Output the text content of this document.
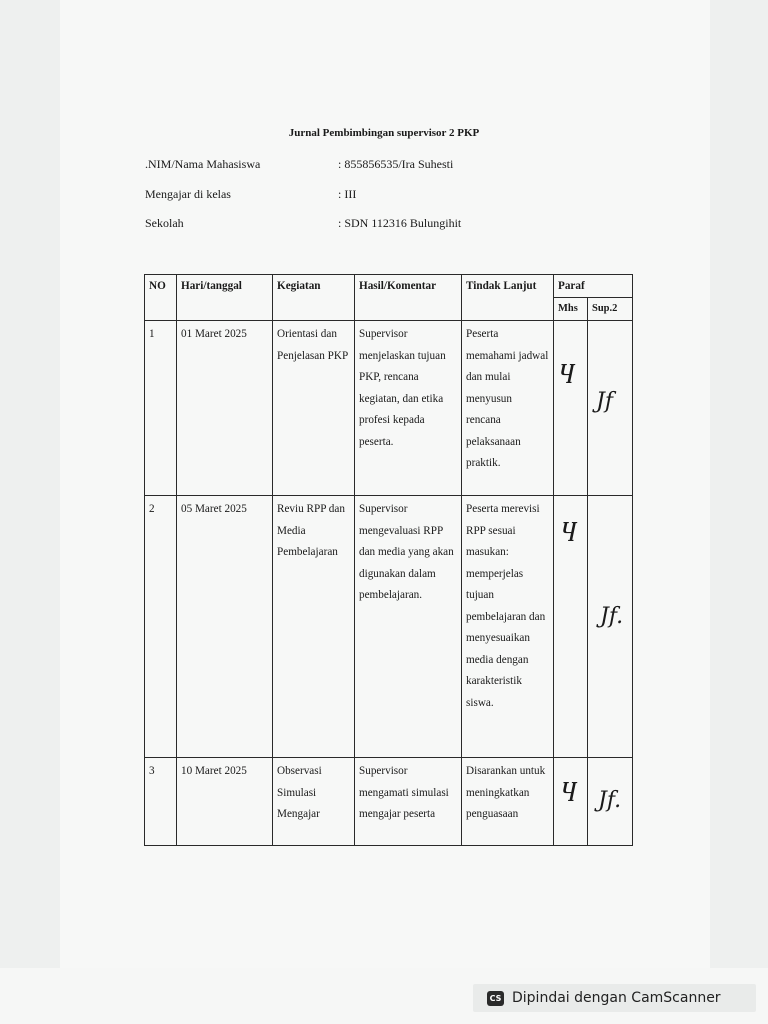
Jurnal Pembimbingan supervisor 2 PKP
.NIM/Nama Mahasiswa	: 855856535/Ira Suhesti
Mengajar di kelas	: III
Sekolah	: SDN 112316 Bulungihit
NO	Hari/tanggal	Kegiatan	Hasil/Komentar	Tindak Lanjut	Paraf	
					Mhs	Sup.2
1	01 Maret 2025	Orientasi dan Penjelasan PKP	Supervisor menjelaskan tujuan PKP, rencana kegiatan, dan etika profesi kepada peserta.	Peserta memahami jadwal dan mulai menyusun rencana pelaksanaan praktik.	Ⴗ	Jf

2	05 Maret 2025	Reviu RPP dan Media Pembelajaran	Supervisor mengevaluasi RPP dan media yang akan digunakan dalam pembelajaran.	Peserta merevisi RPP sesuai masukan: memperjelas tujuan pembelajaran dan menyesuaikan media dengan karakteristik siswa.	Ⴗ	Jf.

3	10 Maret 2025	Observasi Simulasi Mengajar	Supervisor mengamati simulasi mengajar peserta	Disarankan untuk meningkatkan penguasaan	Ⴗ	Jf.
CS Dipindai dengan CamScanner
